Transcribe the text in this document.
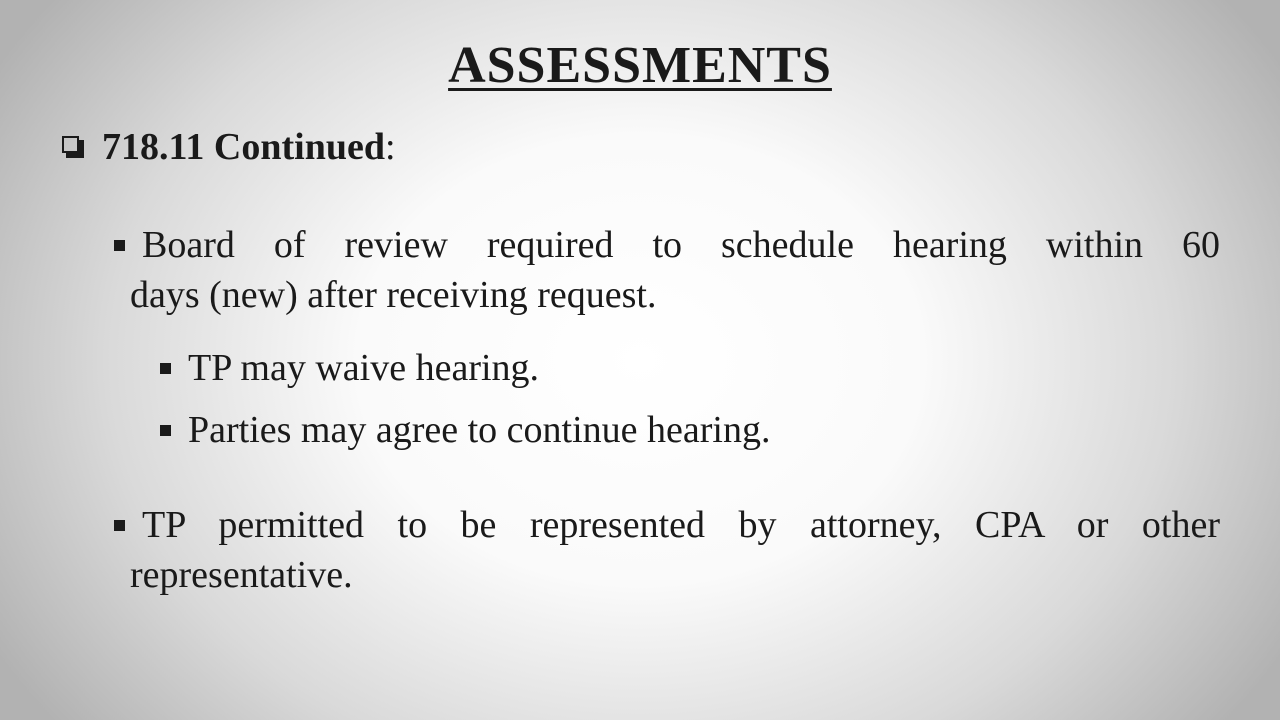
ASSESSMENTS
718.11 Continued :
Board of review required to schedule hearing within 60
days (new) after receiving request.
TP may waive hearing.
Parties may agree to continue hearing.
TP permitted to be represented by attorney, CPA or other
representative.
